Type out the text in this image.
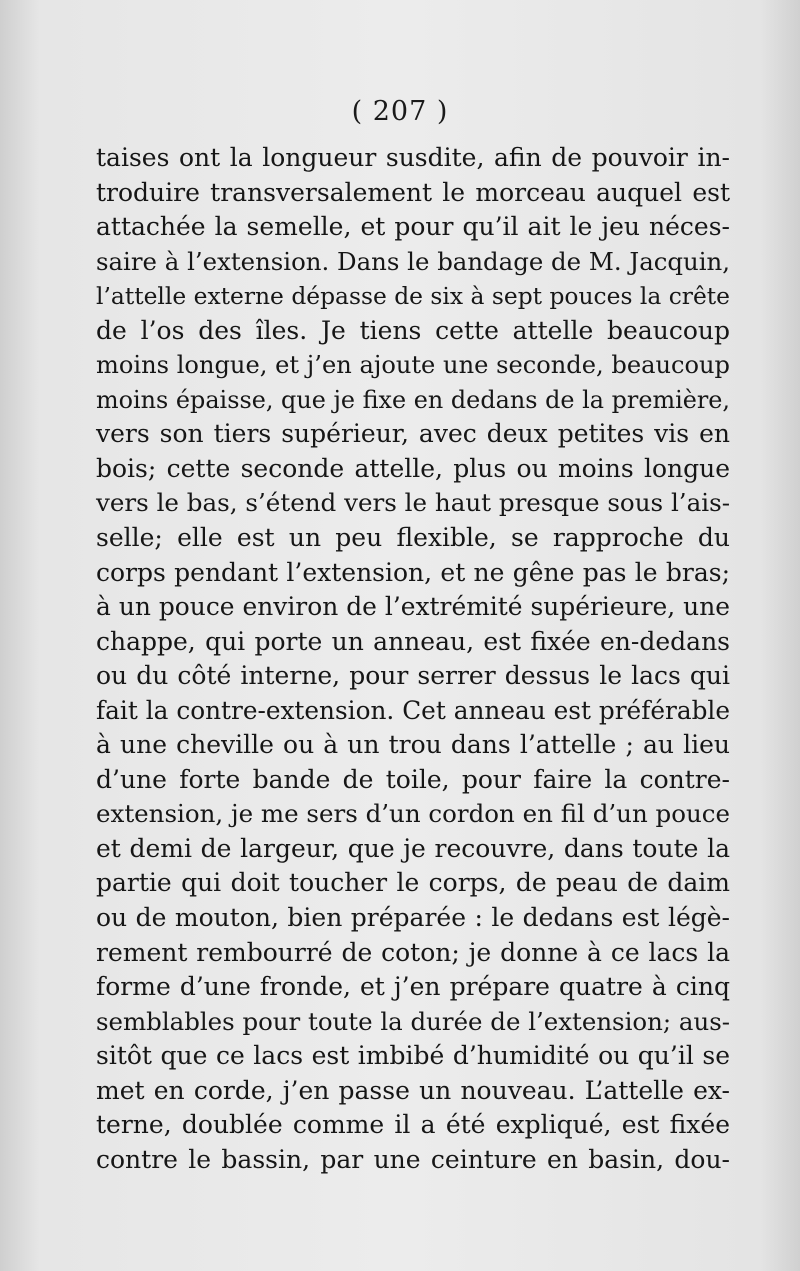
( 207 )
taises ont la longueur susdite, afin de pouvoir in-
troduire transversalement le morceau auquel est
attachée la semelle, et pour qu’il ait le jeu néces-
saire à l’extension. Dans le bandage de M. Jacquin,
l’attelle externe dépasse de six à sept pouces la crête
de l’os des îles. Je tiens cette attelle beaucoup
moins longue, et j’en ajoute une seconde, beaucoup
moins épaisse, que je fixe en dedans de la première,
vers son tiers supérieur, avec deux petites vis en
bois; cette seconde attelle, plus ou moins longue
vers le bas, s’étend vers le haut presque sous l’ais-
selle; elle est un peu flexible, se rapproche du
corps pendant l’extension, et ne gêne pas le bras;
à un pouce environ de l’extrémité supérieure, une
chappe, qui porte un anneau, est fixée en-dedans
ou du côté interne, pour serrer dessus le lacs qui
fait la contre-extension. Cet anneau est préférable
à une cheville ou à un trou dans l’attelle ; au lieu
d’une forte bande de toile, pour faire la contre-
extension, je me sers d’un cordon en fil d’un pouce
et demi de largeur, que je recouvre, dans toute la
partie qui doit toucher le corps, de peau de daim
ou de mouton, bien préparée : le dedans est légè-
rement rembourré de coton; je donne à ce lacs la
forme d’une fronde, et j’en prépare quatre à cinq
semblables pour toute la durée de l’extension; aus-
sitôt que ce lacs est imbibé d’humidité ou qu’il se
met en corde, j’en passe un nouveau. L’attelle ex-
terne, doublée comme il a été expliqué, est fixée
contre le bassin, par une ceinture en basin, dou-
